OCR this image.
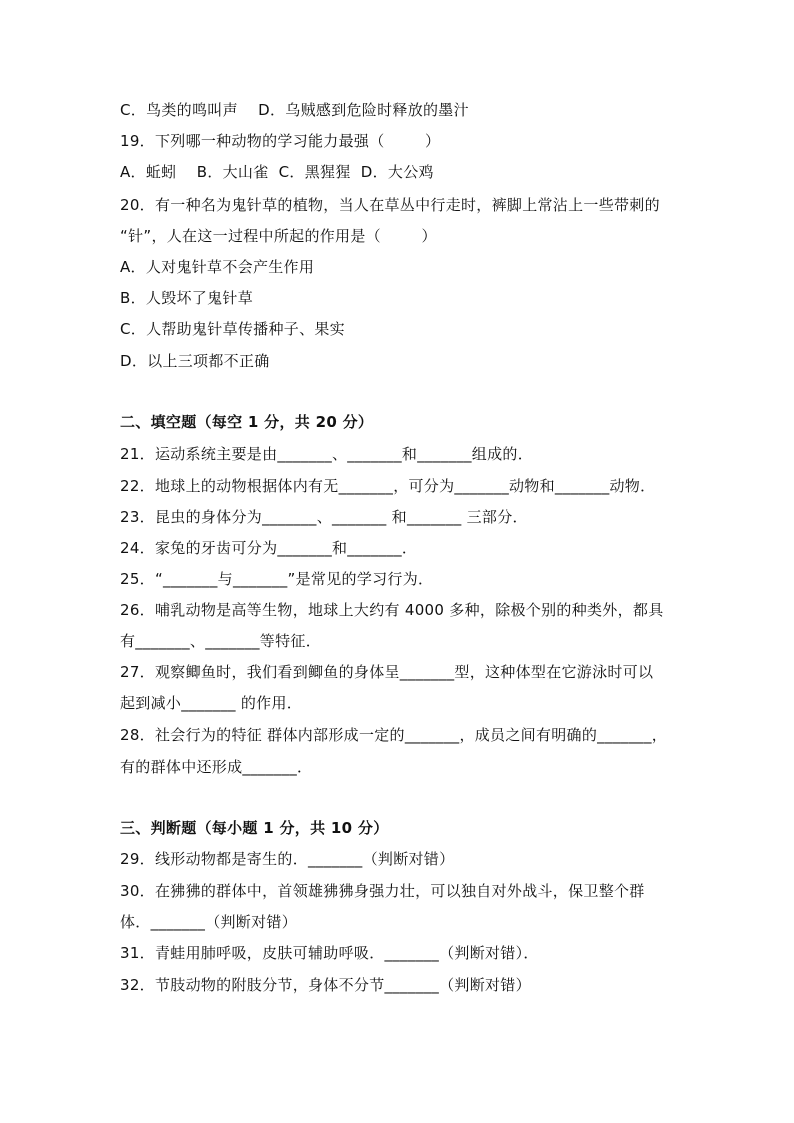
C．鸟类的鸣叫声    D．乌贼感到危险时释放的墨汁
19．下列哪一种动物的学习能力最强（        ）
A．蚯蚓    B．大山雀  C．黑猩猩  D．大公鸡
20．有一种名为鬼针草的植物，当人在草丛中行走时，裤脚上常沾上一些带刺的
“针”，人在这一过程中所起的作用是（        ）
A．人对鬼针草不会产生作用
B．人毁坏了鬼针草
C．人帮助鬼针草传播种子、果实
D．以上三项都不正确
二、填空题（每空 1 分，共 20 分）
21．运动系统主要是由_______、_______和_______组成的．
22．地球上的动物根据体内有无_______，可分为_______动物和_______动物．
23．昆虫的身体分为_______、_______ 和_______ 三部分．
24．家兔的牙齿可分为_______和_______．
25．“_______与_______”是常见的学习行为．
26．哺乳动物是高等生物，地球上大约有 4000 多种，除极个别的种类外，都具
有_______、_______等特征．
27．观察鲫鱼时，我们看到鲫鱼的身体呈_______型，这种体型在它游泳时可以
起到减小_______ 的作用．
28．社会行为的特征 群体内部形成一定的_______，成员之间有明确的_______，
有的群体中还形成_______．
三、判断题（每小题 1 分，共 10 分）
29．线形动物都是寄生的．_______（判断对错）
30．在狒狒的群体中，首领雄狒狒身强力壮，可以独自对外战斗，保卫整个群
体．_______（判断对错）
31．青蛙用肺呼吸，皮肤可辅助呼吸．_______（判断对错）．
32．节肢动物的附肢分节，身体不分节_______（判断对错）
